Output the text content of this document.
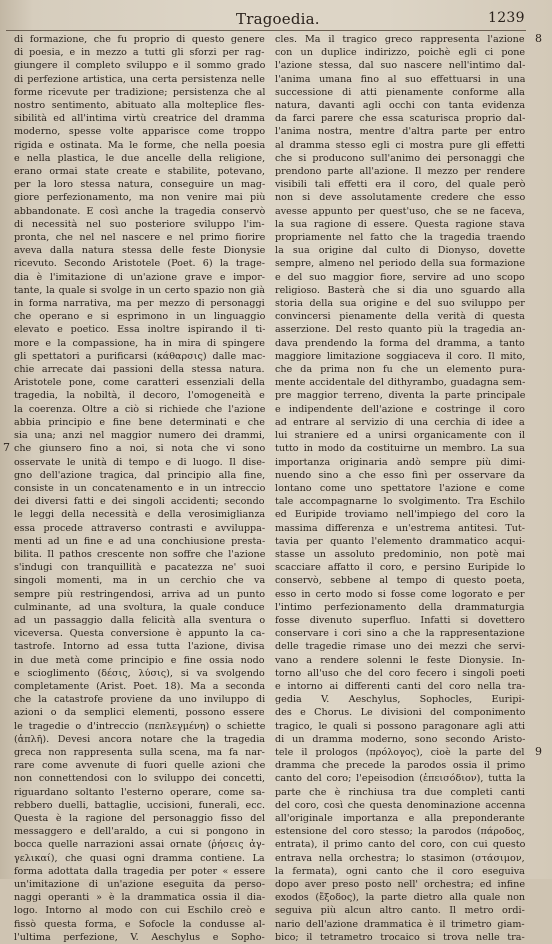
Tragoedia.	1239
di formazione, che fu proprio di questo genere
di poesia, e in mezzo a tutti gli sforzi per rag-
giungere il completo sviluppo e il sommo grado
di perfezione artistica, una certa persistenza nelle
forme ricevute per tradizione; persistenza che al
nostro sentimento, abituato alla molteplice fles-
sibilità ed all'intima virtù creatrice del dramma
moderno, spesse volte apparisce come troppo
rigida e ostinata. Ma le forme, che nella poesia
e nella plastica, le due ancelle della religione,
erano ormai state create e stabilite, potevano,
per la loro stessa natura, conseguire un mag-
giore perfezionamento, ma non venire mai più
abbandonate. E così anche la tragedia conservò
di necessità nel suo posteriore sviluppo l'im-
pronta, che nel nel nascere e nel primo fiorire
aveva dalla natura stessa delle feste Dionysie
ricevuto. Secondo Aristotele (Poet. 6) la trage-
dia è l'imitazione di un'azione grave e impor-
tante, la quale si svolge in un certo spazio non già
in forma narrativa, ma per mezzo di personaggi
che operano e si esprimono in un linguaggio
elevato e poetico. Essa inoltre ispirando il ti-
more e la compassione, ha in mira di spingere
gli spettatori a purificarsi (κάθαρσις) dalle mac-
chie arrecate dai passioni della stessa natura.
Aristotele pone, come caratteri essenziali della
tragedia, la nobiltà, il decoro, l'omogeneità e
la coerenza. Oltre a ciò si richiede che l'azione
abbia principio e fine bene determinati e che
sia una; anzi nel maggior numero dei drammi,
che giunsero fino a noi, si nota che vi sono
osservate le unità di tempo e di luogo. Il dise-
gno dell'azione tragica, dal principio alla fine,
consiste in un concatenamento e in un intreccio
dei diversi fatti e dei singoli accidenti; secondo
le leggi della necessità e della verosimiglianza
essa procede attraverso contrasti e avviluppa-
menti ad un fine e ad una conchiusione presta-
bilita. Il pathos crescente non soffre che l'azione
s'indugi con tranquillità e pacatezza ne' suoi
singoli momenti, ma in un cerchio che va
sempre più restringendosi, arriva ad un punto
culminante, ad una svoltura, la quale conduce
ad un passaggio dalla felicità alla sventura o
viceversa. Questa conversione è appunto la ca-
tastrofe. Intorno ad essa tutta l'azione, divisa
in due metà come principio e fine ossia nodo
e scioglimento (δέσις, λύσις), si va svolgendo
completamente (Arist. Poet. 18). Ma a seconda
che la catastrofe proviene da uno inviluppo di
azioni o da semplici elementi, possono essere
le tragedie o d'intreccio (πεπλεγμένη) o schiette
(ἁπλῆ). Devesi ancora notare che la tragedia
greca non rappresenta sulla scena, ma fa nar-
rare come avvenute di fuori quelle azioni che
non connettendosi con lo sviluppo dei concetti,
riguardano soltanto l'esterno operare, come sa-
rebbero duelli, battaglie, uccisioni, funerali, ecc.
Questa è la ragione del personaggio fisso del
messaggero e dell'araldo, a cui si pongono in
bocca quelle narrazioni assai ornate (ῥήσεις ἀγ-
γελικαί), che quasi ogni dramma contiene. La
forma adottata dalla tragedia per poter « essere
un'imitazione di un'azione eseguita da perso-
naggi operanti » è la drammatica ossia il dia-
logo. Intorno al modo con cui Eschilo creò e
fissò questa forma, e Sofocle la condusse al-
l'ultima perfezione, V. Aeschylus e Sopho-
cles. Ma il tragico greco rappresenta l'azione
con un duplice indirizzo, poichè egli ci pone
l'azione stessa, dal suo nascere nell'intimo dal-
l'anima umana fino al suo effettuarsi in una
successione di atti pienamente conforme alla
natura, davanti agli occhi con tanta evidenza
da farci parere che essa scaturisca proprio dal-
l'anima nostra, mentre d'altra parte per entro
al dramma stesso egli ci mostra pure gli effetti
che si producono sull'animo dei personaggi che
prendono parte all'azione. Il mezzo per rendere
visibili tali effetti era il coro, del quale però
non si deve assolutamente credere che esso
avesse appunto per quest'uso, che se ne faceva,
la sua ragione di essere. Questa ragione stava
propriamente nel fatto che la tragedia traendo
la sua origine dal culto di Dionyso, dovette
sempre, almeno nel periodo della sua formazione
e del suo maggior fiore, servire ad uno scopo
religioso. Basterà che si dia uno sguardo alla
storia della sua origine e del suo sviluppo per
convincersi pienamente della verità di questa
asserzione. Del resto quanto più la tragedia an-
dava prendendo la forma del dramma, a tanto
maggiore limitazione soggiaceva il coro. Il mito,
che da prima non fu che un elemento pura-
mente accidentale del dithyrambo, guadagna sem-
pre maggior terreno, diventa la parte principale
e indipendente dell'azione e costringe il coro
ad entrare al servizio di una cerchia di idee a
lui straniere ed a unirsi organicamente con il
tutto in modo da costituirne un membro. La sua
importanza originaria andò sempre più dimi-
nuendo sino a che esso finì per osservare da
lontano come uno spettatore l'azione e come
tale accompagnarne lo svolgimento. Tra Eschilo
ed Euripide troviamo nell'impiego del coro la
massima differenza e un'estrema antitesi. Tut-
tavia per quanto l'elemento drammatico acqui-
stasse un assoluto predominio, non potè mai
scacciare affatto il coro, e persino Euripide lo
conservò, sebbene al tempo di questo poeta,
esso in certo modo si fosse come logorato e per
l'intimo perfezionamento della drammaturgia
fosse divenuto superfluo. Infatti si dovettero
conservare i cori sino a che la rappresentazione
delle tragedie rimase uno dei mezzi che servi-
vano a rendere solenni le feste Dionysie. In-
torno all'uso che del coro fecero i singoli poeti
e intorno ai differenti canti del coro nella tra-
gedia V. Aeschylus, Sophocles, Euripi-
des e Chorus. Le divisioni del componimento
tragico, le quali si possono paragonare agli atti
di un dramma moderno, sono secondo Aristo-
tele il prologos (πρόλογος), cioè la parte del
dramma che precede la parodos ossia il primo
canto del coro; l'epeisodion (ἐπεισόδιον), tutta la
parte che è rinchiusa tra due completi canti
del coro, così che questa denominazione accenna
all'originale importanza e alla preponderante
estensione del coro stesso; la parodos (πάροδος,
entrata), il primo canto del coro, con cui questo
entrava nella orchestra; lo stasimon (στάσιμον,
la fermata), ogni canto che il coro eseguiva
dopo aver preso posto nell' orchestra; ed infine
exodos (ἔξοδος), la parte dietro alla quale non
seguiva più alcun altro canto. Il metro ordi-
nario dell'azione drammatica è il trimetro giam-
bico; il tetrametro trocaico si trova nelle tra-
8
7
9
